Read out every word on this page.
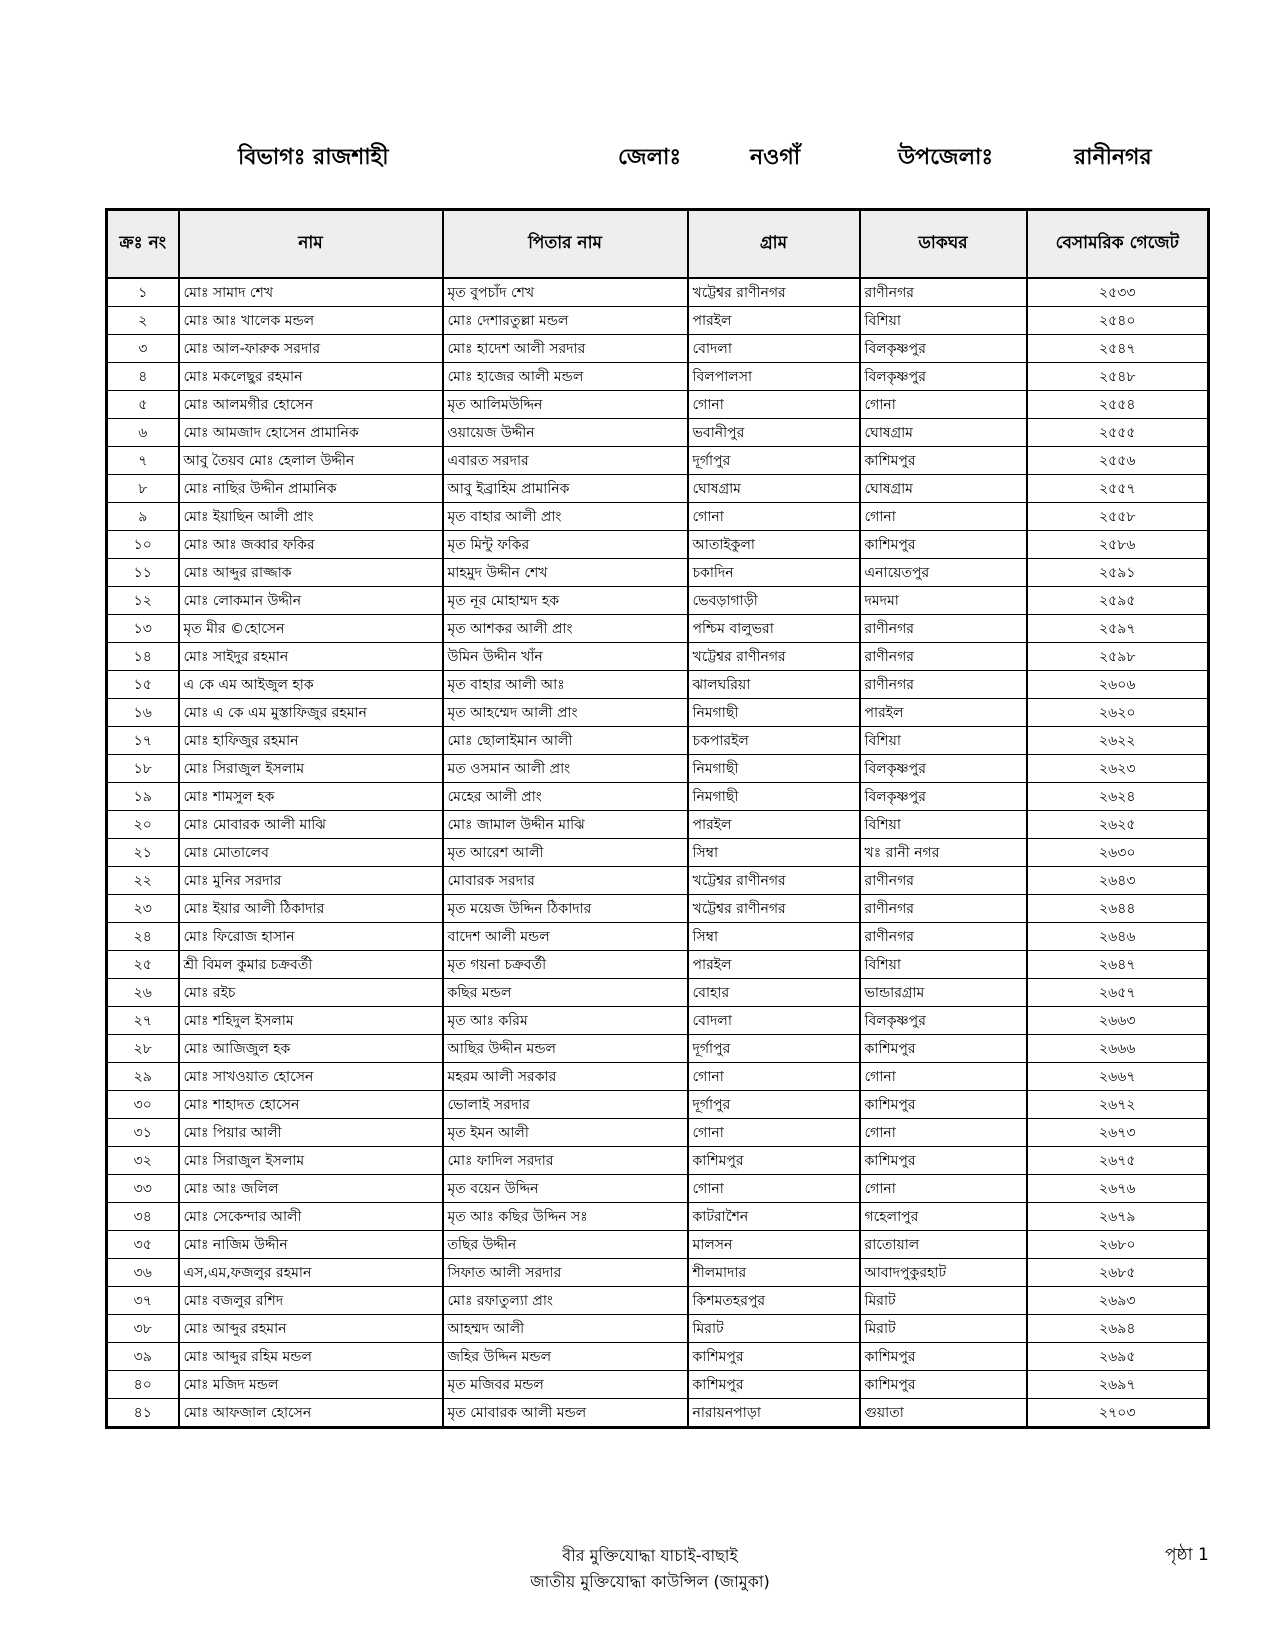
বিভাগঃ রাজশাহী	জেলাঃ	নওগাঁ	উপজেলাঃ	রানীনগর
ক্রঃ নং	নাম	পিতার নাম	গ্রাম	ডাকঘর	বেসামরিক গেজেট
১	মোঃ সামাদ শেখ	মৃত বুপচাঁদ শেখ	খট্টেশ্বর রাণীনগর	রাণীনগর	২৫৩৩
২	মোঃ আঃ খালেক মন্ডল	মোঃ দেশারতুল্লা মন্ডল	পারইল	বিশিয়া	২৫৪০
৩	মোঃ আল-ফারুক সরদার	মোঃ হাদেশ আলী সরদার	বোদলা	বিলকৃষ্ণপুর	২৫৪৭
৪	মোঃ মকলেছুর রহমান	মোঃ হাজের আলী মন্ডল	বিলপালসা	বিলকৃষ্ণপুর	২৫৪৮
৫	মোঃ আলমগীর হোসেন	মৃত আলিমউদ্দিন	গোনা	গোনা	২৫৫৪
৬	মোঃ আমজাদ হোসেন প্রামানিক	ওয়ায়েজ উদ্দীন	ভবানীপুর	ঘোষগ্রাম	২৫৫৫
৭	আবু তৈয়ব মোঃ হেলাল উদ্দীন	এবারত সরদার	দূর্গাপুর	কাশিমপুর	২৫৫৬
৮	মোঃ নাছির উদ্দীন প্রামানিক	আবু ইব্রাহিম প্রামানিক	ঘোষগ্রাম	ঘোষগ্রাম	২৫৫৭
৯	মোঃ ইয়াছিন আলী প্রাং	মৃত বাহার আলী প্রাং	গোনা	গোনা	২৫৫৮
১০	মোঃ আঃ জব্বার ফকির	মৃত মিন্টু ফকির	আতাইকুলা	কাশিমপুর	২৫৮৬
১১	মোঃ আব্দুর রাজ্জাক	মাহমুদ উদ্দীন শেখ	চকাদিন	এনায়েতপুর	২৫৯১
১২	মোঃ লোকমান উদ্দীন	মৃত নূর মোহাম্মদ হক	ভেবড়াগাড়ী	দমদমা	২৫৯৫
১৩	মৃত মীর ©হোসেন	মৃত আশকর আলী প্রাং	পশ্চিম বালুভরা	রাণীনগর	২৫৯৭
১৪	মোঃ সাইদুর রহমান	উমিন উদ্দীন খাঁন	খট্টেশ্বর রাণীনগর	রাণীনগর	২৫৯৮
১৫	এ কে এম আইজুল হাক	মৃত বাহার আলী আঃ	ঝালঘরিয়া	রাণীনগর	২৬০৬
১৬	মোঃ এ কে এম মুস্তাফিজুর রহমান	মৃত আহম্মেদ আলী প্রাং	নিমগাছী	পারইল	২৬২০
১৭	মোঃ হাফিজুর রহমান	মোঃ ছোলাইমান আলী	চকপারইল	বিশিয়া	২৬২২
১৮	মোঃ সিরাজুল ইসলাম	মত ওসমান আলী প্রাং	নিমগাছী	বিলকৃষ্ণপুর	২৬২৩
১৯	মোঃ শামসুল হক	মেহের আলী প্রাং	নিমগাছী	বিলকৃষ্ণপুর	২৬২৪
২০	মোঃ মোবারক আলী মাঝি	মোঃ জামাল উদ্দীন মাঝি	পারইল	বিশিয়া	২৬২৫
২১	মোঃ মোতালেব	মৃত আরেশ আলী	সিম্বা	খঃ রানী নগর	২৬৩০
২২	মোঃ মুনির সরদার	মোবারক সরদার	খট্টেশ্বর রাণীনগর	রাণীনগর	২৬৪৩
২৩	মোঃ ইয়ার আলী ঠিকাদার	মৃত ময়েজ উদ্দিন ঠিকাদার	খট্টেশ্বর রাণীনগর	রাণীনগর	২৬৪৪
২৪	মোঃ ফিরোজ হাসান	বাদেশ আলী মন্ডল	সিম্বা	রাণীনগর	২৬৪৬
২৫	শ্রী বিমল কুমার চক্রবর্তী	মৃত গয়না চক্রবর্তী	পারইল	বিশিয়া	২৬৪৭
২৬	মোঃ রইচ	কছির মন্ডল	বোহার	ভান্ডারগ্রাম	২৬৫৭
২৭	মোঃ শহিদুল ইসলাম	মৃত আঃ করিম	বোদলা	বিলকৃষ্ণপুর	২৬৬৩
২৮	মোঃ আজিজুল হক	আছির উদ্দীন মন্ডল	দূর্গাপুর	কাশিমপুর	২৬৬৬
২৯	মোঃ সাখওয়াত হোসেন	মহরম আলী সরকার	গোনা	গোনা	২৬৬৭
৩০	মোঃ শাহাদত হোসেন	ভোলাই সরদার	দূর্গাপুর	কাশিমপুর	২৬৭২
৩১	মোঃ পিয়ার আলী	মৃত ইমন আলী	গোনা	গোনা	২৬৭৩
৩২	মোঃ সিরাজুল ইসলাম	মোঃ ফাদিল সরদার	কাশিমপুর	কাশিমপুর	২৬৭৫
৩৩	মোঃ আঃ জলিল	মৃত বয়েন উদ্দিন	গোনা	গোনা	২৬৭৬
৩৪	মোঃ সেকেন্দার আলী	মৃত আঃ কছির উদ্দিন সঃ	কাটরাশৈন	গহেলাপুর	২৬৭৯
৩৫	মোঃ নাজিম উদ্দীন	তছির উদ্দীন	মালসন	রাতোয়াল	২৬৮০
৩৬	এস,এম,ফজলুর রহমান	সিফাত আলী সরদার	শীলমাদার	আবাদপুকুরহাট	২৬৮৫
৩৭	মোঃ বজলুর রশিদ	মোঃ রফাতুল্যা প্রাং	কিশমতহরপুর	মিরাট	২৬৯৩
৩৮	মোঃ আব্দুর রহমান	আহম্মদ আলী	মিরাট	মিরাট	২৬৯৪
৩৯	মোঃ আব্দুর রহিম মন্ডল	জহির উদ্দিন মন্ডল	কাশিমপুর	কাশিমপুর	২৬৯৫
৪০	মোঃ মজিদ মন্ডল	মৃত মজিবর মন্ডল	কাশিমপুর	কাশিমপুর	২৬৯৭
৪১	মোঃ আফজাল হোসেন	মৃত মোবারক আলী মন্ডল	নারায়নপাড়া	গুয়াতা	২৭০৩
বীর মুক্তিযোদ্ধা যাচাই-বাছাই
জাতীয় মুক্তিযোদ্ধা কাউন্সিল (জামুকা)
পৃষ্ঠা 1
